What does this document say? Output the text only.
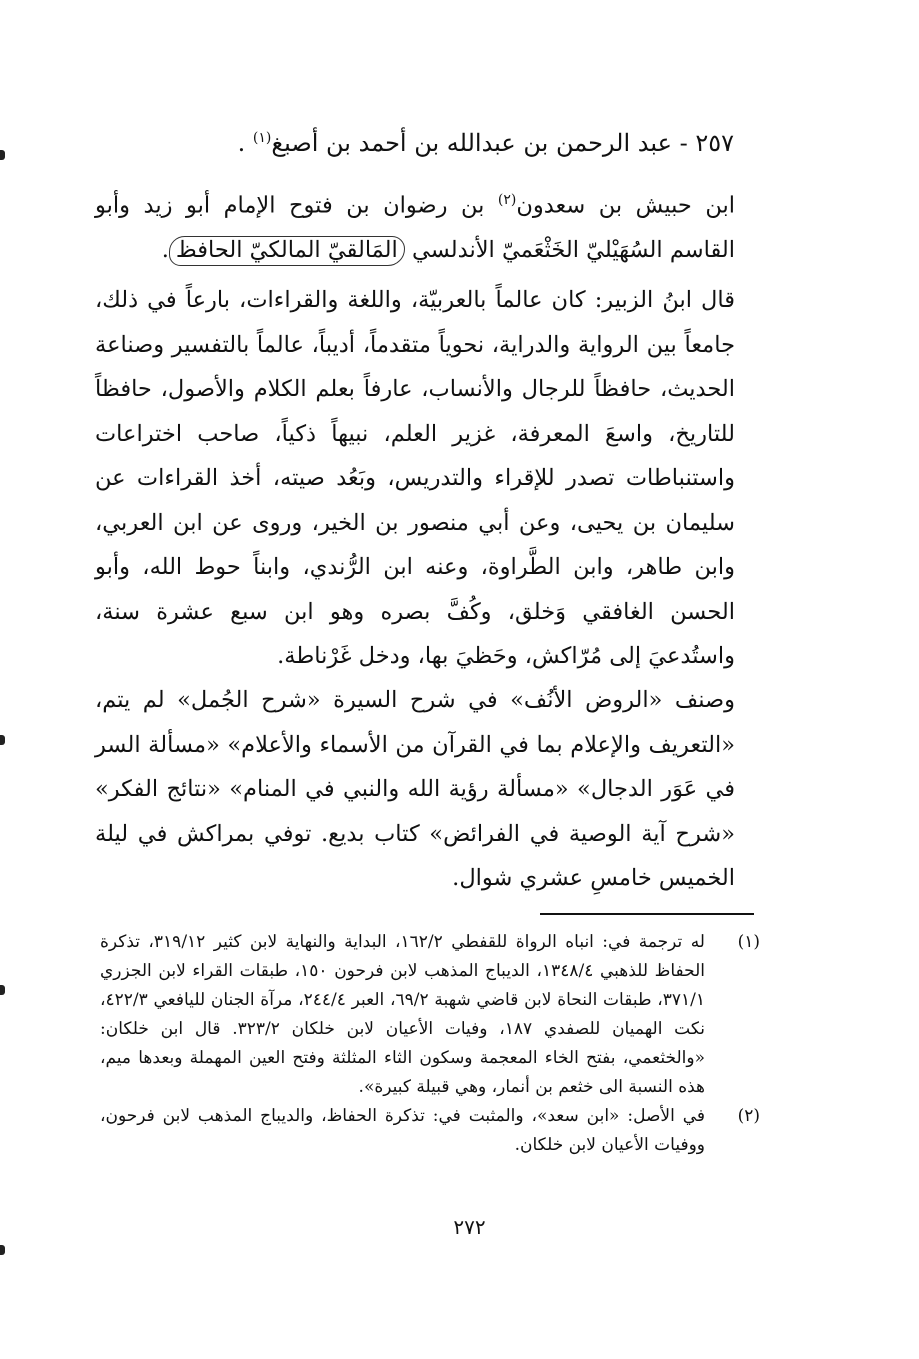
٢٥٧ - عبد الرحمن بن عبدالله بن أحمد بن أصبغ$^{(١)}$ .

ابن حبيش بن سعدون$^{(٢)}$ بن رضوان بن فتوح الإمام أبو زيد وأبو القاسم السُهَيْليّ الخَثْعَميّ الأندلسي المَالقيّ المالكيّ الحافظ.

قال ابنُ الزبير: كان عالماً بالعربيّة، واللغة والقراءات، بارعاً في ذلك، جامعاً بين الرواية والدراية، نحوياً متقدماً، أديباً، عالماً بالتفسير وصناعة الحديث، حافظاً للرجال والأنساب، عارفاً بعلم الكلام والأصول، حافظاً للتاريخ، واسعَ المعرفة، غزير العلم، نبيهاً ذكياً، صاحب اختراعات واستنباطات تصدر للإقراء والتدريس، وبَعُد صيته، أخذ القراءات عن سليمان بن يحيى، وعن أبي منصور بن الخير، وروى عن ابن العربي، وابن طاهر، وابن الطَّراوة، وعنه ابن الرُّندي، وابناً حوط الله، وأبو الحسن الغافقي وَخلق، وكُفَّ بصره وهو ابن سبع عشرة سنة، واستُدعيَ إلى مُرّاكش، وحَظيَ بها، ودخل غَرْناطة.

وصنف «الروض الأنُف» في شرح السيرة «شرح الجُمل» لم يتم، «التعريف والإعلام بما في القرآن من الأسماء والأعلام» «مسألة السر في عَوَر الدجال» «مسألة رؤية الله والنبي في المنام» «نتائج الفكر» «شرح آية الوصية في الفرائض» كتاب بديع. توفي بمراكش في ليلة الخميس خامسِ عشري شوال.

(١)
له ترجمة في: انباه الرواة للقفطي ١٦٢/٢، البداية والنهاية لابن كثير ٣١٩/١٢، تذكرة الحفاظ للذهبي ١٣٤٨/٤، الديباج المذهب لابن فرحون ١٥٠، طبقات القراء لابن الجزري ٣٧١/١، طبقات النحاة لابن قاضي شهبة ٦٩/٢، العبر ٢٤٤/٤، مرآة الجنان لليافعي ٤٢٢/٣، نكت الهميان للصفدي ١٨٧، وفيات الأعيان لابن خلكان ٣٢٣/٢. قال ابن خلكان: «والخثعمي، بفتح الخاء المعجمة وسكون الثاء المثلثة وفتح العين المهملة وبعدها ميم، هذه النسبة الى خثعم بن أنمار، وهي قبيلة كبيرة».
(٢)
في الأصل: «ابن سعد»، والمثبت في: تذكرة الحفاظ، والديباج المذهب لابن فرحون، ووفيات الأعيان لابن خلكان.
٢٧٢
